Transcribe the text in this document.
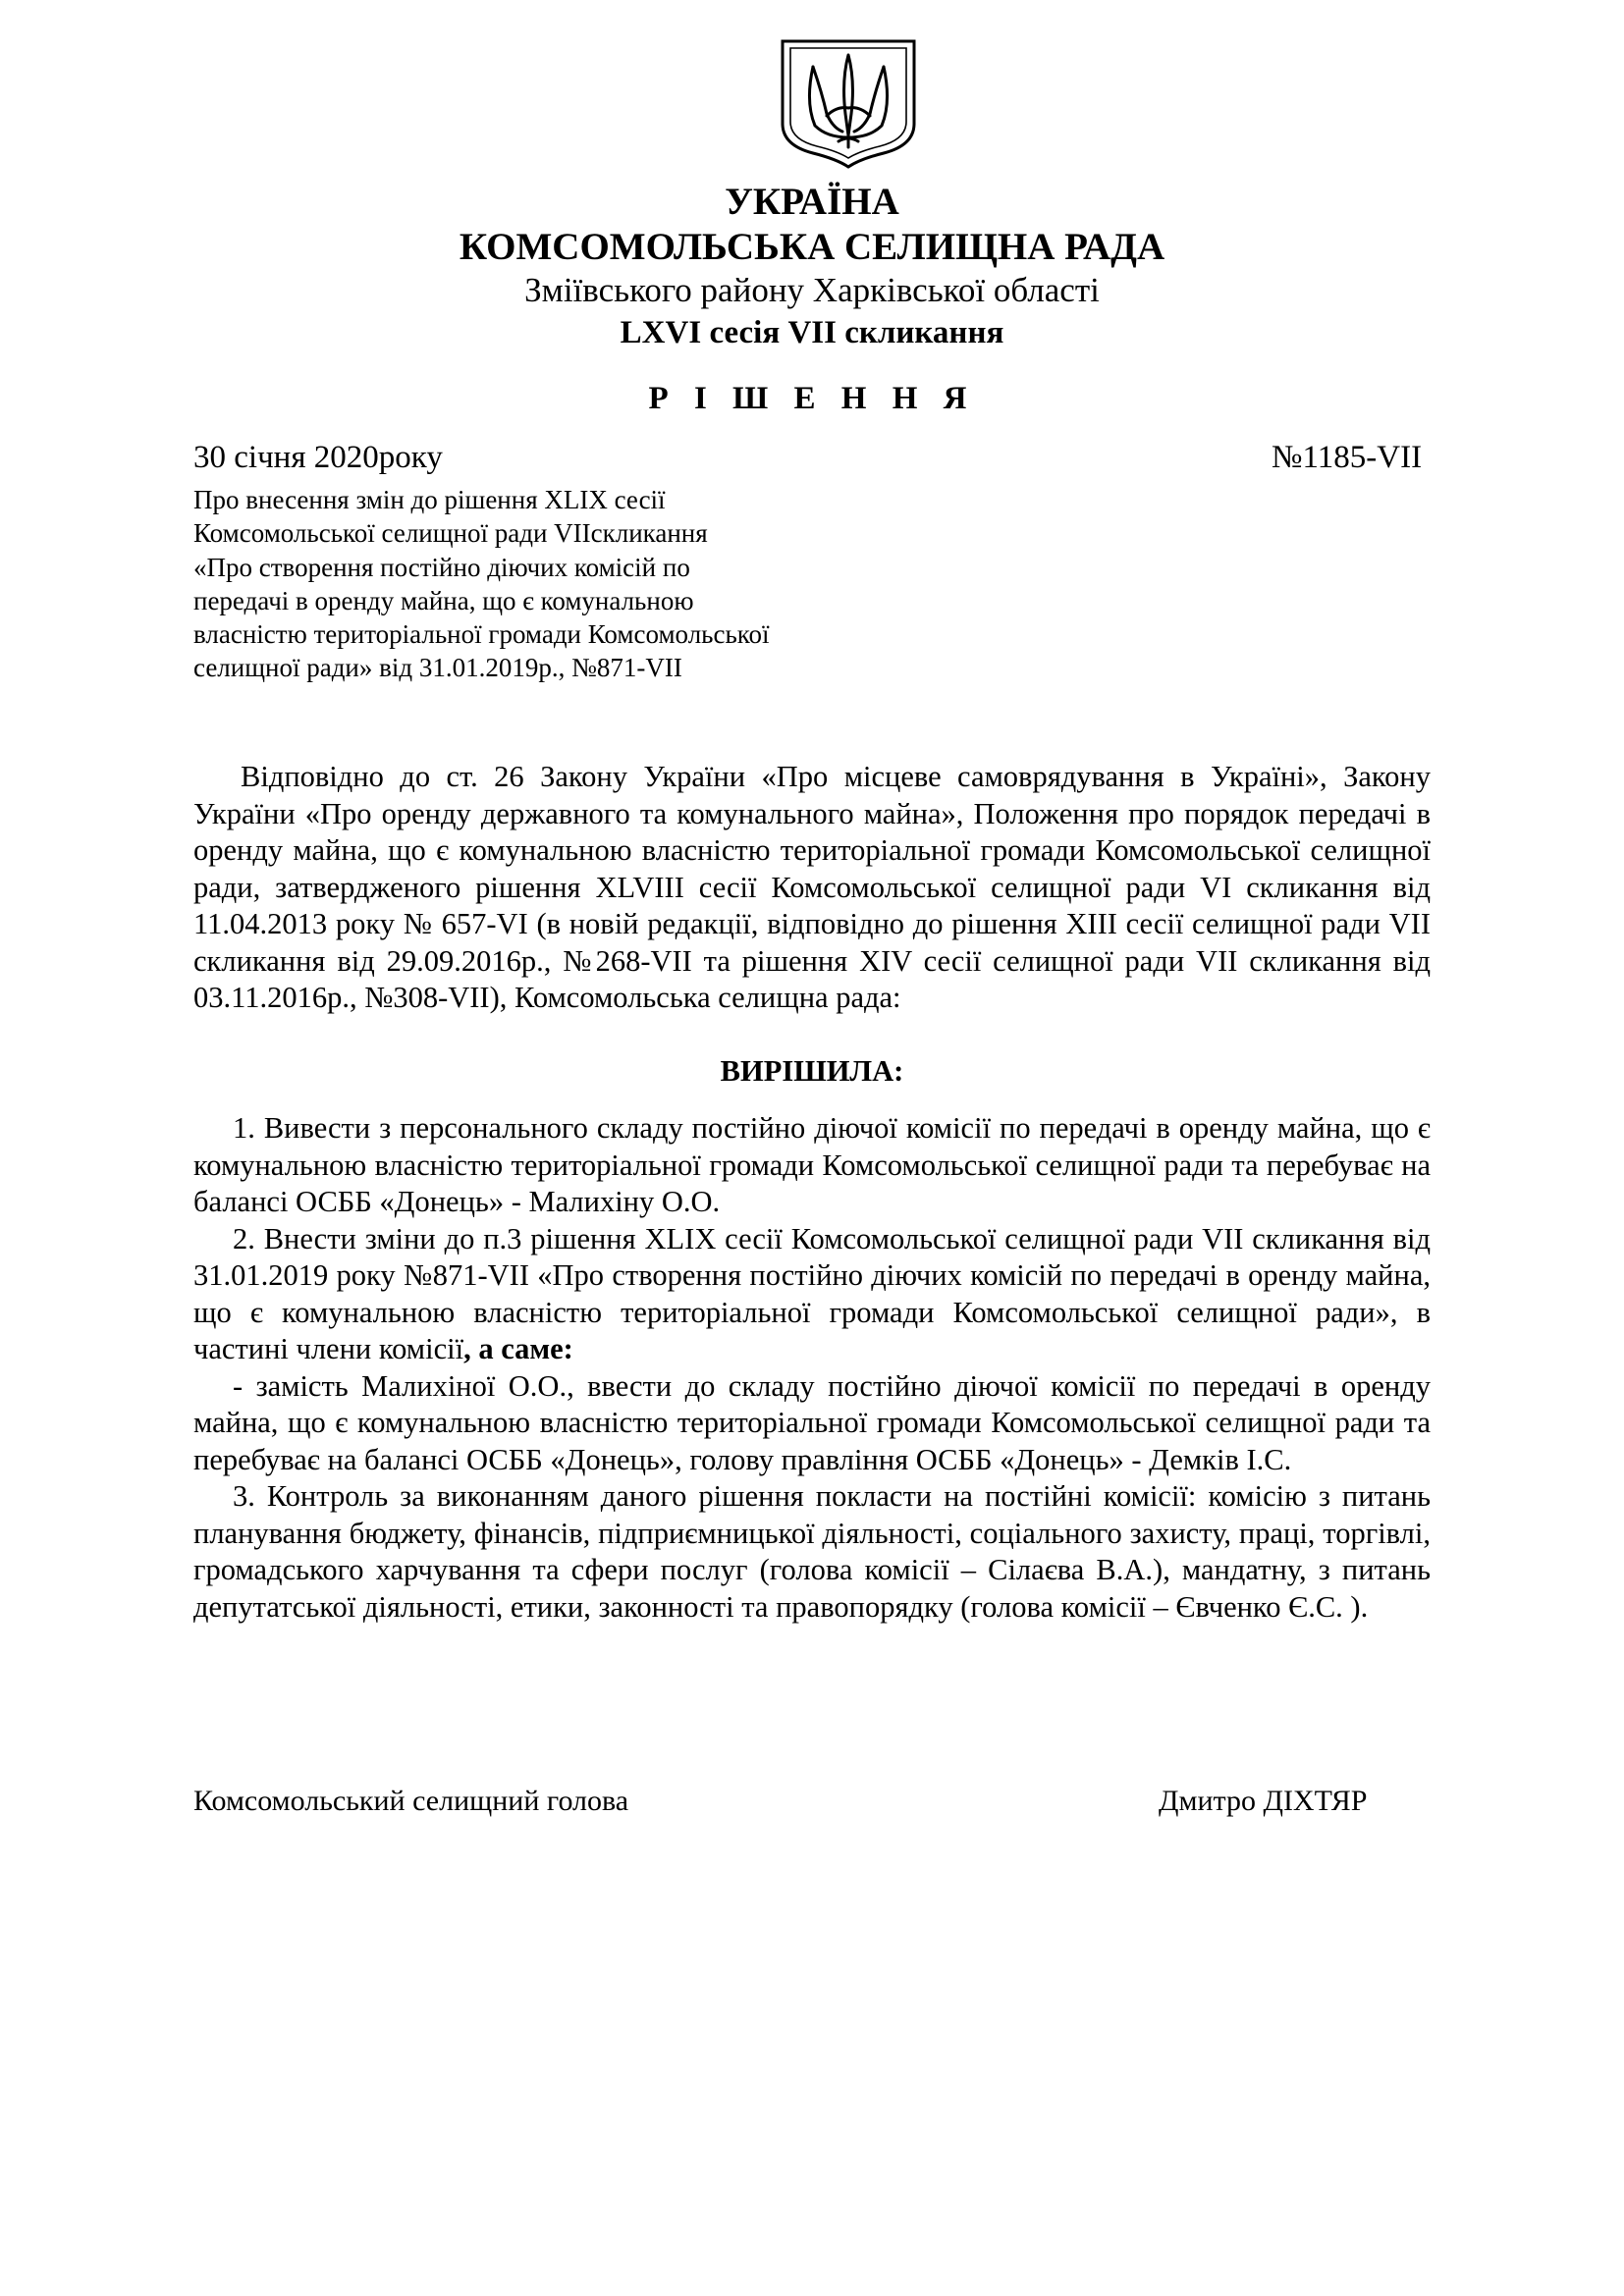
УКРАЇНА
КОМСОМОЛЬСЬКА СЕЛИЩНА РАДА
Зміївського району Харківської області
LXVI сесія VII скликання
Р І Ш Е Н Н Я
30 січня 2020року	№1185-VII
Про внесення змін до рішення XLIX сесії
Комсомольської селищної ради VIIскликання
«Про створення постійно діючих комісій по
передачі в оренду майна, що є комунальною
власністю територіальної громади Комсомольської
селищної ради» від 31.01.2019р., №871-VII

Відповідно до ст. 26 Закону України «Про місцеве самоврядування в Україні», Закону України «Про оренду державного та комунального майна», Положення про порядок передачі в оренду майна, що є комунальною власністю територіальної громади Комсомольської селищної ради, затвердженого рішення XLVIII сесії Комсомольської селищної ради VI скликання від 11.04.2013 року № 657-VI (в новій редакції, відповідно до рішення XIII сесії селищної ради VII скликання від 29.09.2016р., №268-VII та рішення XIV сесії селищної ради VII скликання від 03.11.2016р., №308-VII), Комсомольська селищна рада:

ВИРІШИЛА:

1. Вивести з персонального складу постійно діючої комісії по передачі в оренду майна, що є комунальною власністю територіальної громади Комсомольської селищної ради та перебуває на балансі ОСББ «Донець» - Малихіну О.О.

2. Внести зміни до п.3 рішення XLIX сесії Комсомольської селищної ради VII скликання від 31.01.2019 року №871-VII «Про створення постійно діючих комісій по передачі в оренду майна, що є комунальною власністю територіальної громади Комсомольської селищної ради», в частині члени комісії, а саме:

- замість Малихіної О.О., ввести до складу постійно діючої комісії по передачі в оренду майна, що є комунальною власністю територіальної громади Комсомольської селищної ради та перебуває на балансі ОСББ «Донець», голову правління ОСББ «Донець» - Демків І.С.

3. Контроль за виконанням даного рішення покласти на постійні комісії: комісію з питань планування бюджету, фінансів, підприємницької діяльності, соціального захисту, праці, торгівлі, громадського харчування та сфери послуг (голова комісії – Сілаєва В.А.), мандатну, з питань депутатської діяльності, етики, законності та правопорядку (голова комісії – Євченко Є.С. ).

Комсомольський селищний голова	Дмитро ДІХТЯР
